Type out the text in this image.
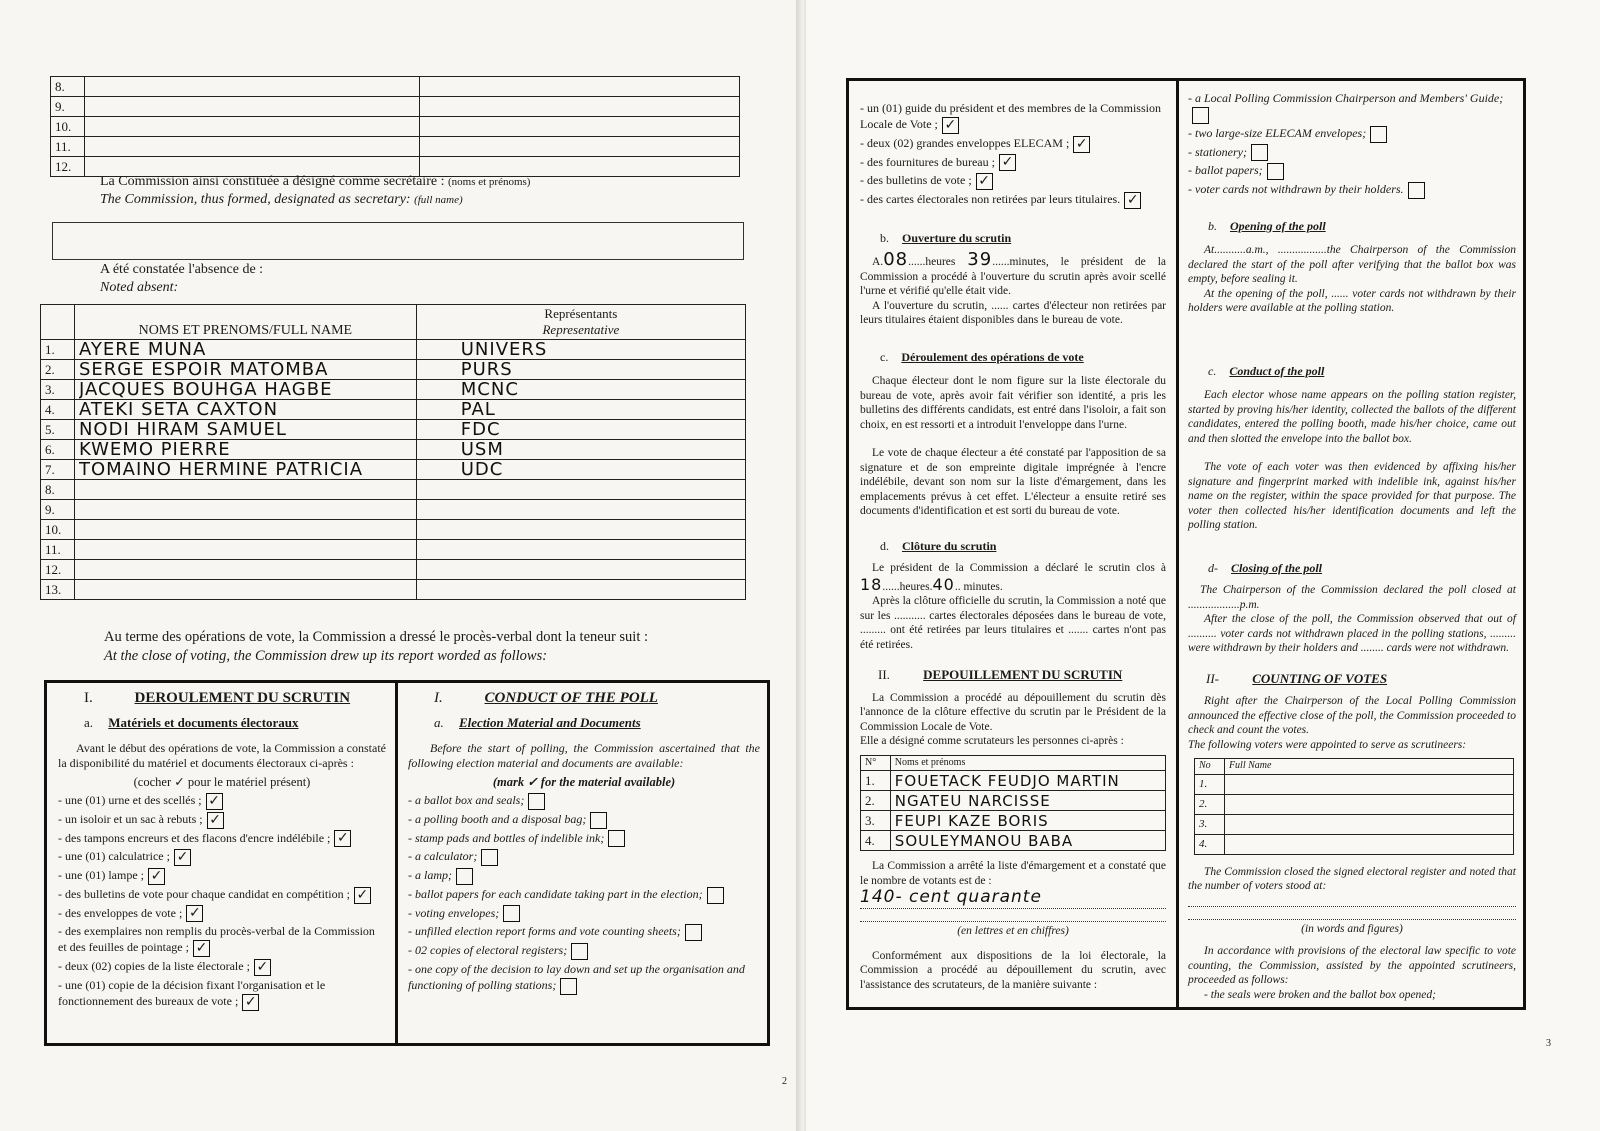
8.		
9.		
10.		
11.		
12.		
La Commission ainsi constituée a désigné comme secrétaire : (noms et prénoms)
The Commission, thus formed, designated as secretary: (full name)
A été constatée l'absence de :
Noted absent:
	NOMS ET PRENOMS/FULL NAME	Représentants
Representative

1.	AYERE MUNA	UNIVERS

2.	SERGE ESPOIR MATOMBA	PURS

3.	JACQUES BOUHGA HAGBE	MCNC

4.	ATEKI SETA CAXTON	PAL

5.	NODI HIRAM SAMUEL	FDC

6.	KWEMO PIERRE	USM

7.	TOMAINO HERMINE PATRICIA	UDC

8.	

9.	

10.	

11.	

12.	

13.	

Au terme des opérations de vote, la Commission a dressé le procès-verbal dont la teneur suit :
At the close of voting, the Commission drew up its report worded as follows:
I.	DEROULEMENT DU SCRUTIN
a. Matériels et documents électoraux

Avant le début des opérations de vote, la Commission a constaté la disponibilité du matériel et documents électoraux ci-après :

(cocher ✓ pour le matériel présent)

- une (01) urne et des scellés ; ✓
- un isoloir et un sac à rebuts ; ✓
- des tampons encreurs et des flacons d'encre indélébile ; ✓
- une (01) calculatrice ; ✓
- une (01) lampe ; ✓
- des bulletins de vote pour chaque candidat en compétition ; ✓
- des enveloppes de vote ; ✓
- des exemplaires non remplis du procès-verbal de la Commission et des feuilles de pointage ; ✓
- deux (02) copies de la liste électorale ; ✓
- une (01) copie de la décision fixant l'organisation et le fonctionnement des bureaux de vote ; ✓
I.	CONDUCT OF THE POLL
a. Election Material and Documents

Before the start of polling, the Commission ascertained that the following election material and documents are available:

(mark ✓ for the material available)

- a ballot box and seals;
- a polling booth and a disposal bag;
- stamp pads and bottles of indelible ink;
- a calculator;
- a lamp;
- ballot papers for each candidate taking part in the election;
- voting envelopes;
- unfilled election report forms and vote counting sheets;
- 02 copies of electoral registers;
- one copy of the decision to lay down and set up the organisation and functioning of polling stations;
2
- un (01) guide du président et des membres de la Commission Locale de Vote ; ✓
- deux (02) grandes enveloppes ELECAM ; ✓
- des fournitures de bureau ; ✓
- des bulletins de vote ; ✓
- des cartes électorales non retirées par leurs titulaires. ✓
b. Ouverture du scrutin

A.08......heures 39......minutes, le président de la Commission a procédé à l'ouverture du scrutin après avoir scellé l'urne et vérifié qu'elle était vide.

A l'ouverture du scrutin, ...... cartes d'électeur non retirées par leurs titulaires étaient disponibles dans le bureau de vote.

c. Déroulement des opérations de vote

Chaque électeur dont le nom figure sur la liste électorale du bureau de vote, après avoir fait vérifier son identité, a pris les bulletins des différents candidats, est entré dans l'isoloir, a fait son choix, en est ressorti et a introduit l'enveloppe dans l'urne.

Le vote de chaque électeur a été constaté par l'apposition de sa signature et de son empreinte digitale imprégnée à l'encre indélébile, devant son nom sur la liste d'émargement, dans les emplacements prévus à cet effet. L'électeur a ensuite retiré ses documents d'identification et est sorti du bureau de vote.

d. Clôture du scrutin

Le président de la Commission a déclaré le scrutin clos à 18......heures.40.. minutes.

Après la clôture officielle du scrutin, la Commission a noté que sur les ........... cartes électorales déposées dans le bureau de vote, ......... ont été retirées par leurs titulaires et ....... cartes n'ont pas été retirées.

II.	DEPOUILLEMENT DU SCRUTIN

La Commission a procédé au dépouillement du scrutin dès l'annonce de la clôture effective du scrutin par le Président de la Commission Locale de Vote.

Elle a désigné comme scrutateurs les personnes ci-après :

N°	Noms et prénoms
1.	FOUETACK FEUDJO MARTIN

2.	NGATEU NARCISSE

3.	FEUPI KAZE BORIS

4.	SOULEYMANOU BABA

La Commission a arrêté la liste d'émargement et a constaté que le nombre de votants est de :

140- cent quarante

(en lettres et en chiffres)

Conformément aux dispositions de la loi électorale, la Commission a procédé au dépouillement du scrutin, avec l'assistance des scrutateurs, de la manière suivante :

- a Local Polling Commission Chairperson and Members' Guide;
- two large-size ELECAM envelopes;
- stationery;
- ballot papers;
- voter cards not withdrawn by their holders.
b. Opening of the poll

At...........a.m., .................the Chairperson of the Commission declared the start of the poll after verifying that the ballot box was empty, before sealing it.

At the opening of the poll, ...... voter cards not withdrawn by their holders were available at the polling station.

c. Conduct of the poll

Each elector whose name appears on the polling station register, started by proving his/her identity, collected the ballots of the different candidates, entered the polling booth, made his/her choice, came out and then slotted the envelope into the ballot box.

The vote of each voter was then evidenced by affixing his/her signature and fingerprint marked with indelible ink, against his/her name on the register, within the space provided for that purpose. The voter then collected his/her identification documents and left the polling station.

d- Closing of the poll

The Chairperson of the Commission declared the poll closed at ..................p.m.

After the close of the poll, the Commission observed that out of .......... voter cards not withdrawn placed in the polling stations, ......... were withdrawn by their holders and ........ cards were not withdrawn.

II-	COUNTING OF VOTES

Right after the Chairperson of the Local Polling Commission announced the effective close of the poll, the Commission proceeded to check and count the votes.

The following voters were appointed to serve as scrutineers:

No	Full Name
1.	
2.	
3.	
4.	

The Commission closed the signed electoral register and noted that the number of voters stood at:

(in words and figures)

In accordance with provisions of the electoral law specific to vote counting, the Commission, assisted by the appointed scrutineers, proceeded as follows:

- the seals were broken and the ballot box opened;

3
